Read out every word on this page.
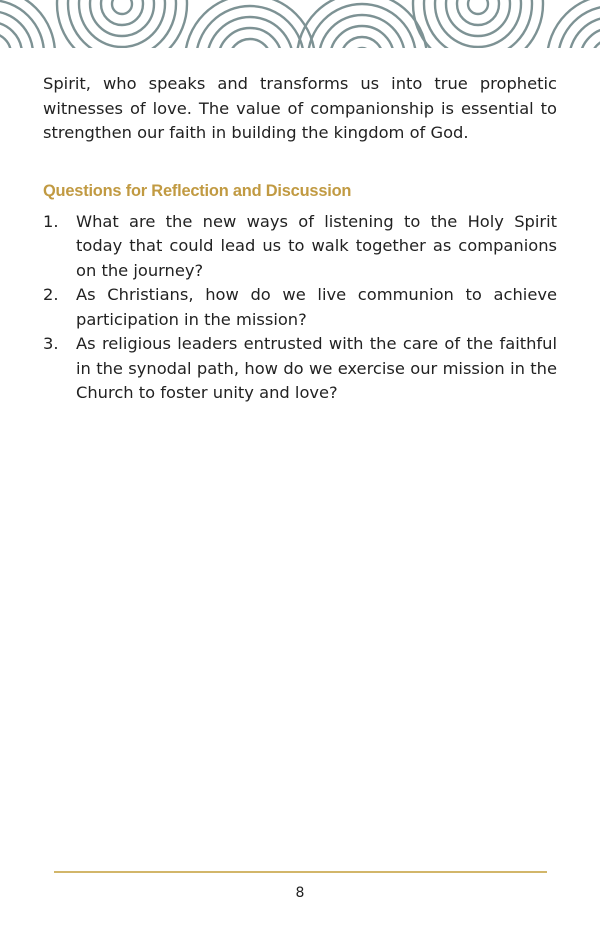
Spirit, who speaks and transforms us into true prophetic witnesses of love. The value of companionship is essential to strengthen our faith in building the kingdom of God.

Questions for Reflection and Discussion
1.	What are the new ways of listening to the Holy Spirit today that could lead us to walk together as companions on the journey?
2.	As Christians, how do we live communion to achieve participation in the mission?
3.	As religious leaders entrusted with the care of the faithful in the synodal path, how do we exercise our mission in the Church to foster unity and love?
8
